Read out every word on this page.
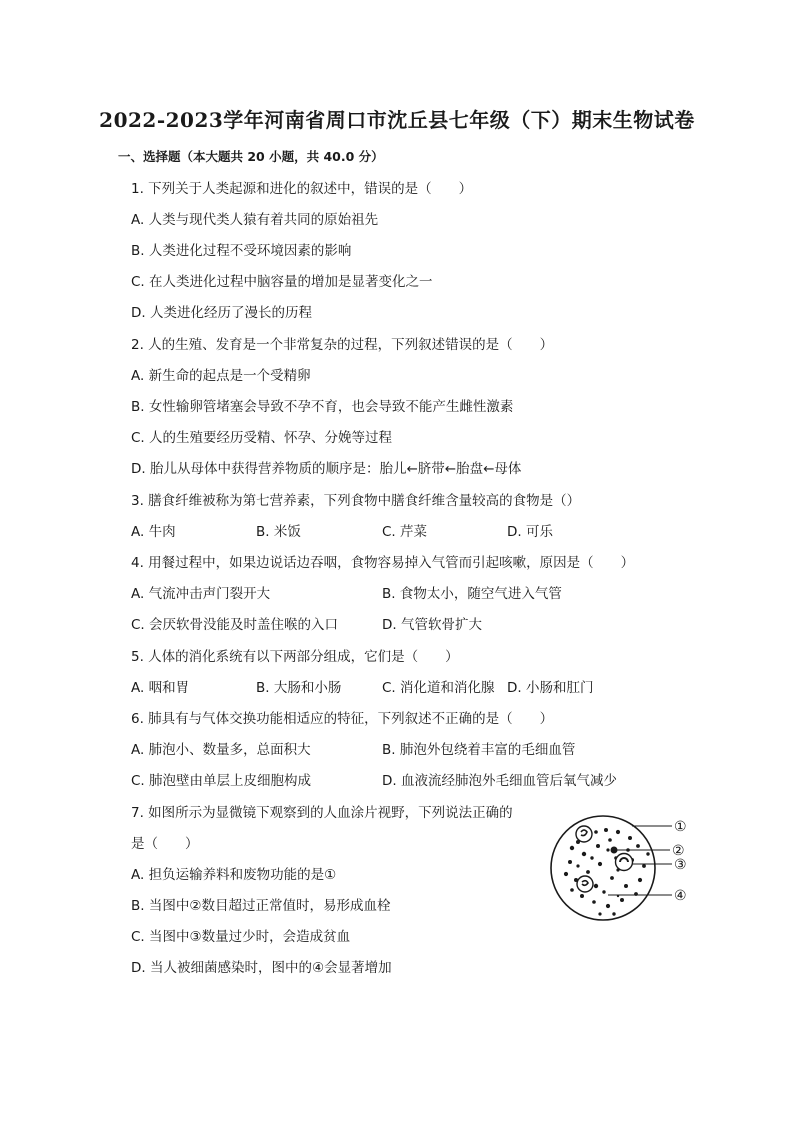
2022-2023学年河南省周口市沈丘县七年级（下）期末生物试卷
一、选择题（本大题共 20 小题，共 40.0 分）
1. 下列关于人类起源和进化的叙述中，错误的是（　　）
A. 人类与现代类人猿有着共同的原始祖先
B. 人类进化过程不受环境因素的影响
C. 在人类进化过程中脑容量的增加是显著变化之一
D. 人类进化经历了漫长的历程
2. 人的生殖、发育是一个非常复杂的过程，下列叙述错误的是（　　）
A. 新生命的起点是一个受精卵
B. 女性输卵管堵塞会导致不孕不育，也会导致不能产生雌性激素
C. 人的生殖要经历受精、怀孕、分娩等过程
D. 胎儿从母体中获得营养物质的顺序是：胎儿←脐带←胎盘←母体
3. 膳食纤维被称为第七营养素，下列食物中膳食纤维含量较高的食物是（）
A. 牛肉	B. 米饭	C. 芹菜	D. 可乐
4. 用餐过程中，如果边说话边吞咽，食物容易掉入气管而引起咳嗽，原因是（　　）
A. 气流冲击声门裂开大	B. 食物太小，随空气进入气管
C. 会厌软骨没能及时盖住喉的入口	D. 气管软骨扩大
5. 人体的消化系统有以下两部分组成，它们是（　　）
A. 咽和胃	B. 大肠和小肠	C. 消化道和消化腺 D. 小肠和肛门
6. 肺具有与气体交换功能相适应的特征，下列叙述不正确的是（　　）
A. 肺泡小、数量多，总面积大	B. 肺泡外包绕着丰富的毛细血管
C. 肺泡壁由单层上皮细胞构成	D. 血液流经肺泡外毛细血管后氧气减少
7. 如图所示为显微镜下观察到的人血涂片视野，下列说法正确的
是（　　）
A. 担负运输养料和废物功能的是①
B. 当图中②数目超过正常值时，易形成血栓
C. 当图中③数量过少时，会造成贫血
D. 当人被细菌感染时，图中的④会显著增加
①
②
③
④
